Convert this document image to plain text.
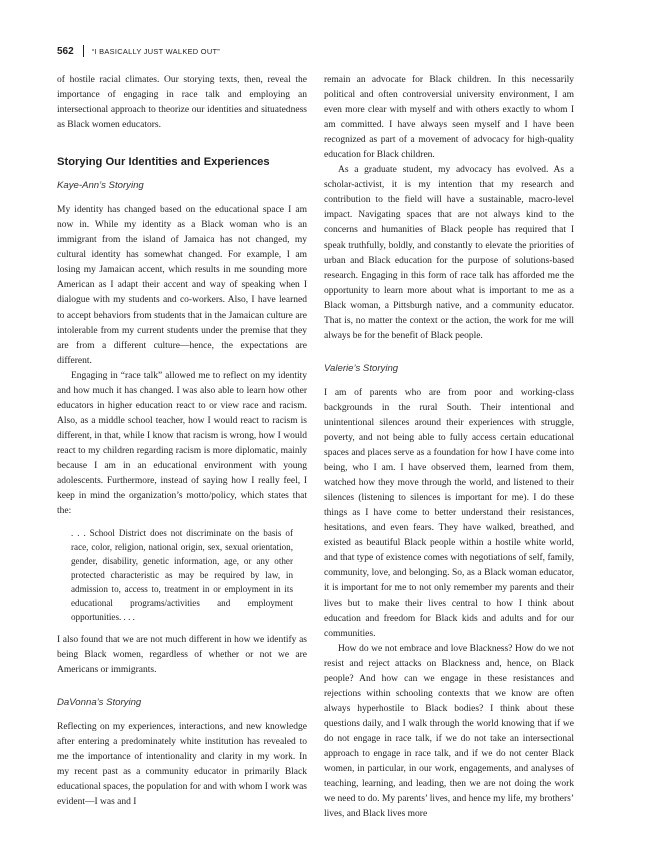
562 “I BASICALLY JUST WALKED OUT”

of hostile racial climates. Our storying texts, then, reveal the importance of engaging in race talk and employing an intersectional approach to theorize our identities and situatedness as Black women educators.

Storying Our Identities and Experiences
Kaye-Ann’s Storying

My identity has changed based on the educational space I am now in. While my identity as a Black woman who is an immigrant from the island of Jamaica has not changed, my cultural identity has somewhat changed. For example, I am losing my Jamaican accent, which results in me sounding more American as I adapt their accent and way of speaking when I dialogue with my students and co-workers. Also, I have learned to accept behaviors from students that in the Jamaican culture are intolerable from my current students under the premise that they are from a different culture—hence, the expectations are different.

Engaging in “race talk” allowed me to reflect on my identity and how much it has changed. I was also able to learn how other educators in higher education react to or view race and racism. Also, as a middle school teacher, how I would react to racism is different, in that, while I know that racism is wrong, how I would react to my children regarding racism is more diplomatic, mainly because I am in an educational environment with young adolescents. Furthermore, instead of saying how I really feel, I keep in mind the organization’s motto/policy, which states that the:

. . . School District does not discriminate on the basis of race, color, religion, national origin, sex, sexual orientation, gender, disability, genetic information, age, or any other protected characteristic as may be required by law, in admission to, access to, treatment in or employment in its educational programs/activities and employment opportunities. . . .

I also found that we are not much different in how we identify as being Black women, regardless of whether or not we are Americans or immigrants.

DaVonna’s Storying

Reflecting on my experiences, interactions, and new knowledge after entering a predominately white institution has revealed to me the importance of intentionality and clarity in my work. In my recent past as a community educator in primarily Black educational spaces, the population for and with whom I work was evident—I was and I

remain an advocate for Black children. In this necessarily political and often controversial university environment, I am even more clear with myself and with others exactly to whom I am committed. I have always seen myself and I have been recognized as part of a movement of advocacy for high-quality education for Black children.

As a graduate student, my advocacy has evolved. As a scholar-activist, it is my intention that my research and contribution to the field will have a sustainable, macro-level impact. Navigating spaces that are not always kind to the concerns and humanities of Black people has required that I speak truthfully, boldly, and constantly to elevate the priorities of urban and Black education for the purpose of solutions-based research. Engaging in this form of race talk has afforded me the opportunity to learn more about what is important to me as a Black woman, a Pittsburgh native, and a community educator. That is, no matter the context or the action, the work for me will always be for the benefit of Black people.

Valerie’s Storying

I am of parents who are from poor and working-class backgrounds in the rural South. Their intentional and unintentional silences around their experiences with struggle, poverty, and not being able to fully access certain educational spaces and places serve as a foundation for how I have come into being, who I am. I have observed them, learned from them, watched how they move through the world, and listened to their silences (listening to silences is important for me). I do these things as I have come to better understand their resistances, hesitations, and even fears. They have walked, breathed, and existed as beautiful Black people within a hostile white world, and that type of existence comes with negotiations of self, family, community, love, and belonging. So, as a Black woman educator, it is important for me to not only remember my parents and their lives but to make their lives central to how I think about education and freedom for Black kids and adults and for our communities.

How do we not embrace and love Blackness? How do we not resist and reject attacks on Blackness and, hence, on Black people? And how can we engage in these resistances and rejections within schooling contexts that we know are often always hyperhostile to Black bodies? I think about these questions daily, and I walk through the world knowing that if we do not engage in race talk, if we do not take an intersectional approach to engage in race talk, and if we do not center Black women, in particular, in our work, engagements, and analyses of teaching, learning, and leading, then we are not doing the work we need to do. My parents’ lives, and hence my life, my brothers’ lives, and Black lives more
